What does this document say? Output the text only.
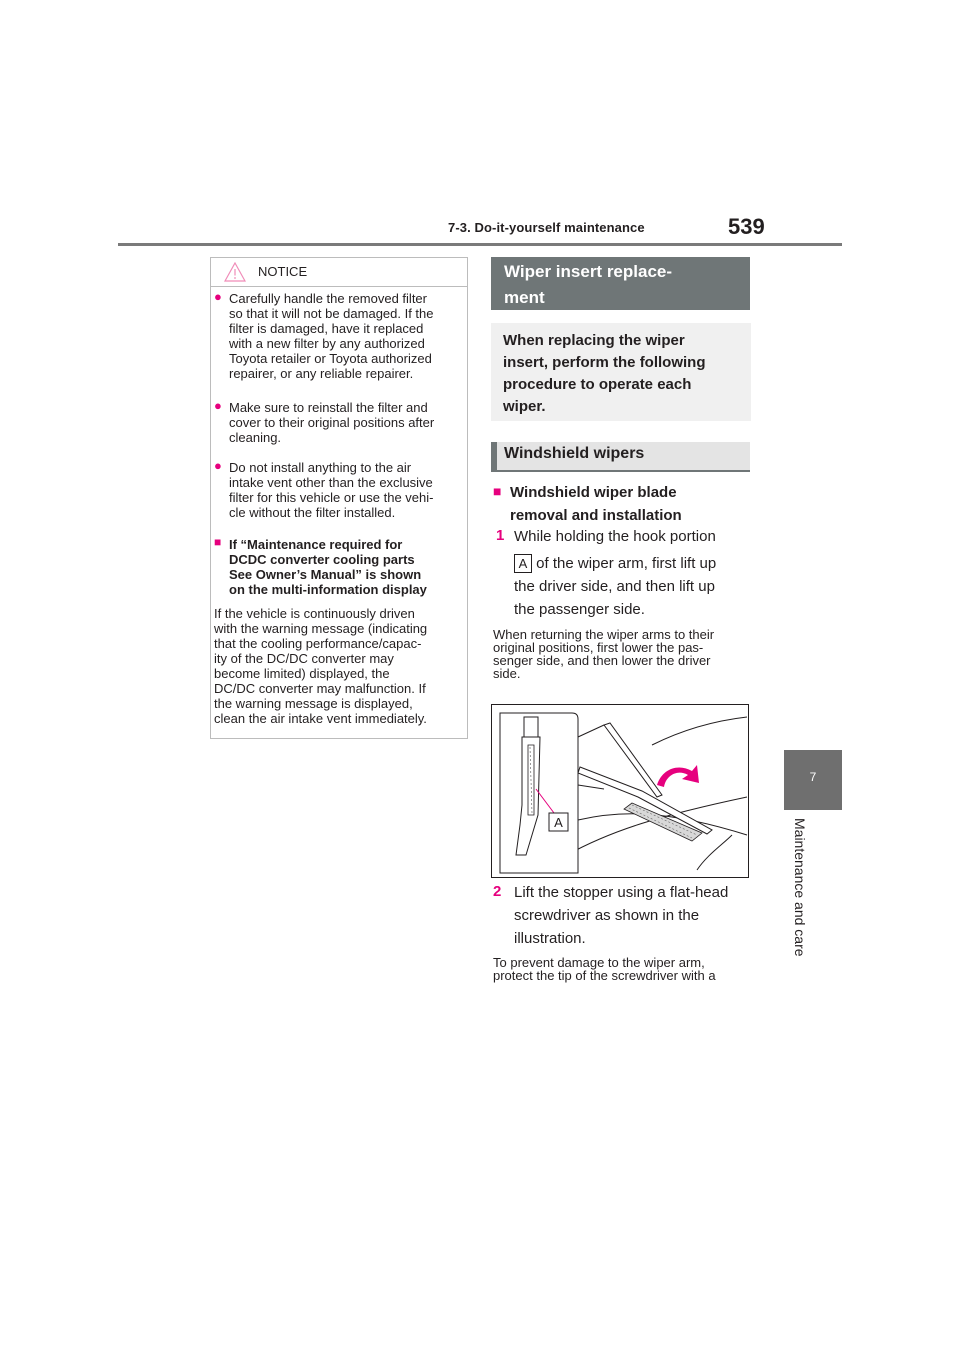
7-3. Do-it-yourself maintenance	539
7
Maintenance and care
NOTICE
● Carefully handle the removed filter
so that it will not be damaged. If the
filter is damaged, have it replaced
with a new filter by any authorized
Toyota retailer or Toyota authorized
repairer, or any reliable repairer.
● Make sure to reinstall the filter and
cover to their original positions after
cleaning.
● Do not install anything to the air
intake vent other than the exclusive
filter for this vehicle or use the vehi-
cle without the filter installed.
■ If “Maintenance required for
DCDC converter cooling parts
See Owner’s Manual” is shown
on the multi-information display
If the vehicle is continuously driven
with the warning message (indicating
that the cooling performance/capac-
ity of the DC/DC converter may
become limited) displayed, the
DC/DC converter may malfunction. If
the warning message is displayed,
clean the air intake vent immediately.
Wiper insert replace-
ment
When replacing the wiper
insert, perform the following
procedure to operate each
wiper.
Windshield wipers
■ Windshield wiper blade
removal and installation
1 While holding the hook portion
A of the wiper arm, first lift up
the driver side, and then lift up
the passenger side.
When returning the wiper arms to their
original positions, first lower the pas-
senger side, and then lower the driver
side.
A
2 Lift the stopper using a flat-head
screwdriver as shown in the
illustration.
To prevent damage to the wiper arm,
protect the tip of the screwdriver with a
